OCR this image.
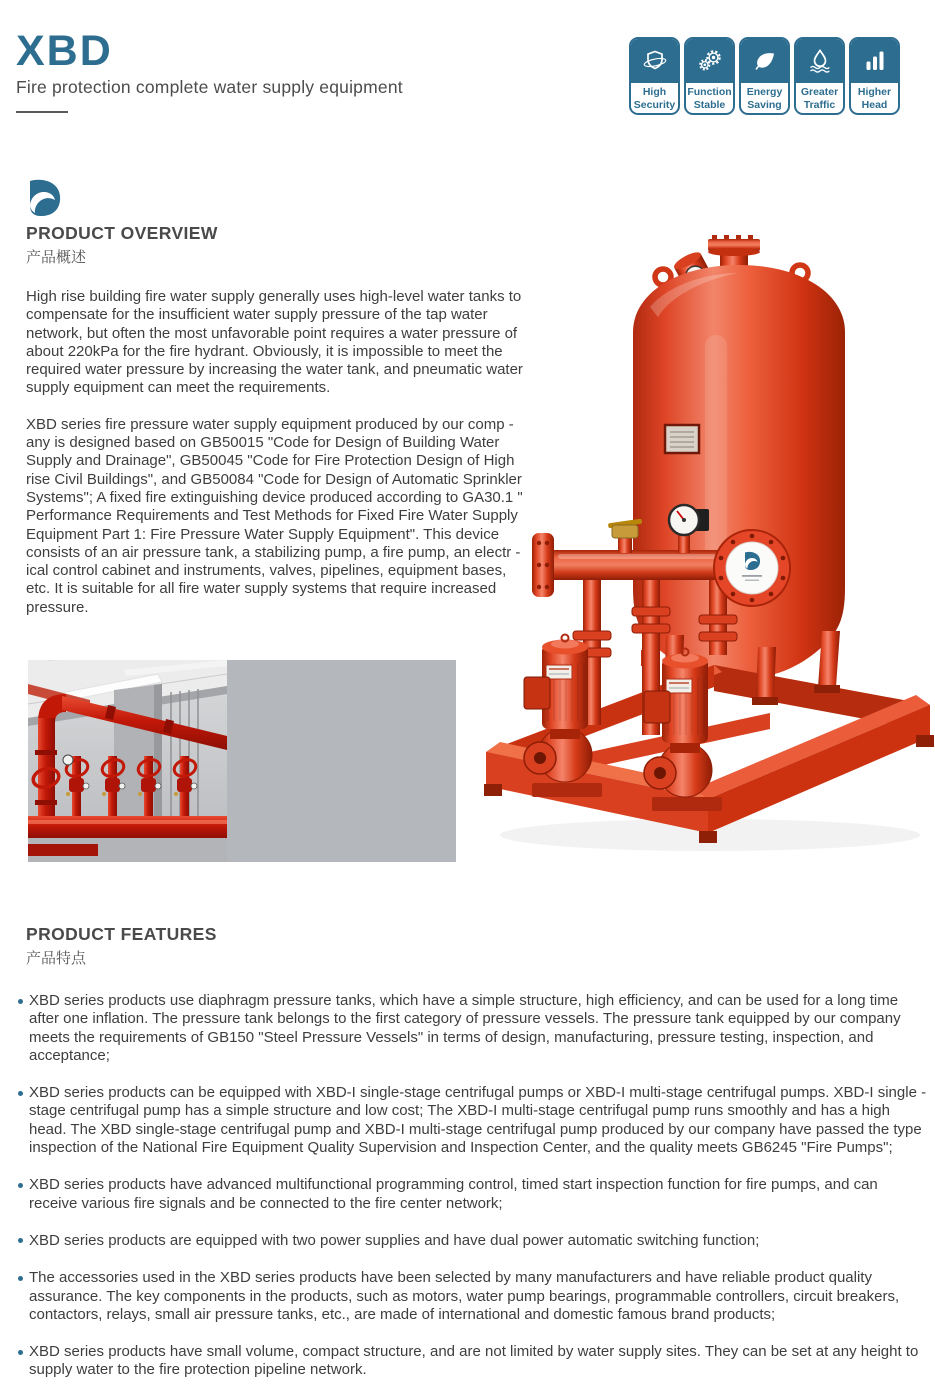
XBD
Fire protection complete water supply equipment	High
Security
Function
Stable
Energy
Saving
Greater
Traffic
Higher
Head
PRODUCT OVERVIEW
产品概述

High rise building fire water supply generally uses high-level water tanks to compensate for the insufficient water supply pressure of the tap water network, but often the most unfavorable point requires a water pressure of about 220kPa for the fire hydrant. Obviously, it is impossible to meet the required water pressure by increasing the water tank, and pneumatic water supply equipment can meet the requirements.

XBD series fire pressure water supply equipment produced by our comp -any is designed based on GB50015 "Code for Design of Building Water Supply and Drainage", GB50045 "Code for Fire Protection Design of High rise Civil Buildings", and GB50084 "Code for Design of Automatic Sprinkler Systems"; A fixed fire extinguishing device produced according to GA30.1 " Performance Requirements and Test Methods for Fixed Fire Water Supply Equipment Part 1: Fire Pressure Water Supply Equipment". This device consists of an air pressure tank, a stabilizing pump, a fire pump, an electr -ical control cabinet and instruments, valves, pipelines, equipment bases, etc. It is suitable for all fire water supply systems that require increased pressure.

PRODUCT FEATURES
产品特点
XBD series products use diaphragm pressure tanks, which have a simple structure, high efficiency, and can be used for a long time after one inflation. The pressure tank belongs to the first category of pressure vessels. The pressure tank equipped by our company meets the requirements of GB150 "Steel Pressure Vessels" in terms of design, manufacturing, pressure testing, inspection, and acceptance;
XBD series products can be equipped with XBD-I single-stage centrifugal pumps or XBD-I multi-stage centrifugal pumps. XBD-I single -stage centrifugal pump has a simple structure and low cost; The XBD-I multi-stage centrifugal pump runs smoothly and has a high head. The XBD single-stage centrifugal pump and XBD-I multi-stage centrifugal pump produced by our company have passed the type inspection of the National Fire Equipment Quality Supervision and Inspection Center, and the quality meets GB6245 "Fire Pumps";
XBD series products have advanced multifunctional programming control, timed start inspection function for fire pumps, and can receive various fire signals and be connected to the fire center network;
XBD series products are equipped with two power supplies and have dual power automatic switching function;
The accessories used in the XBD series products have been selected by many manufacturers and have reliable product quality assurance. The key components in the products, such as motors, water pump bearings, programmable controllers, circuit breakers, contactors, relays, small air pressure tanks, etc., are made of international and domestic famous brand products;
XBD series products have small volume, compact structure, and are not limited by water supply sites. They can be set at any height to supply water to the fire protection pipeline network.
